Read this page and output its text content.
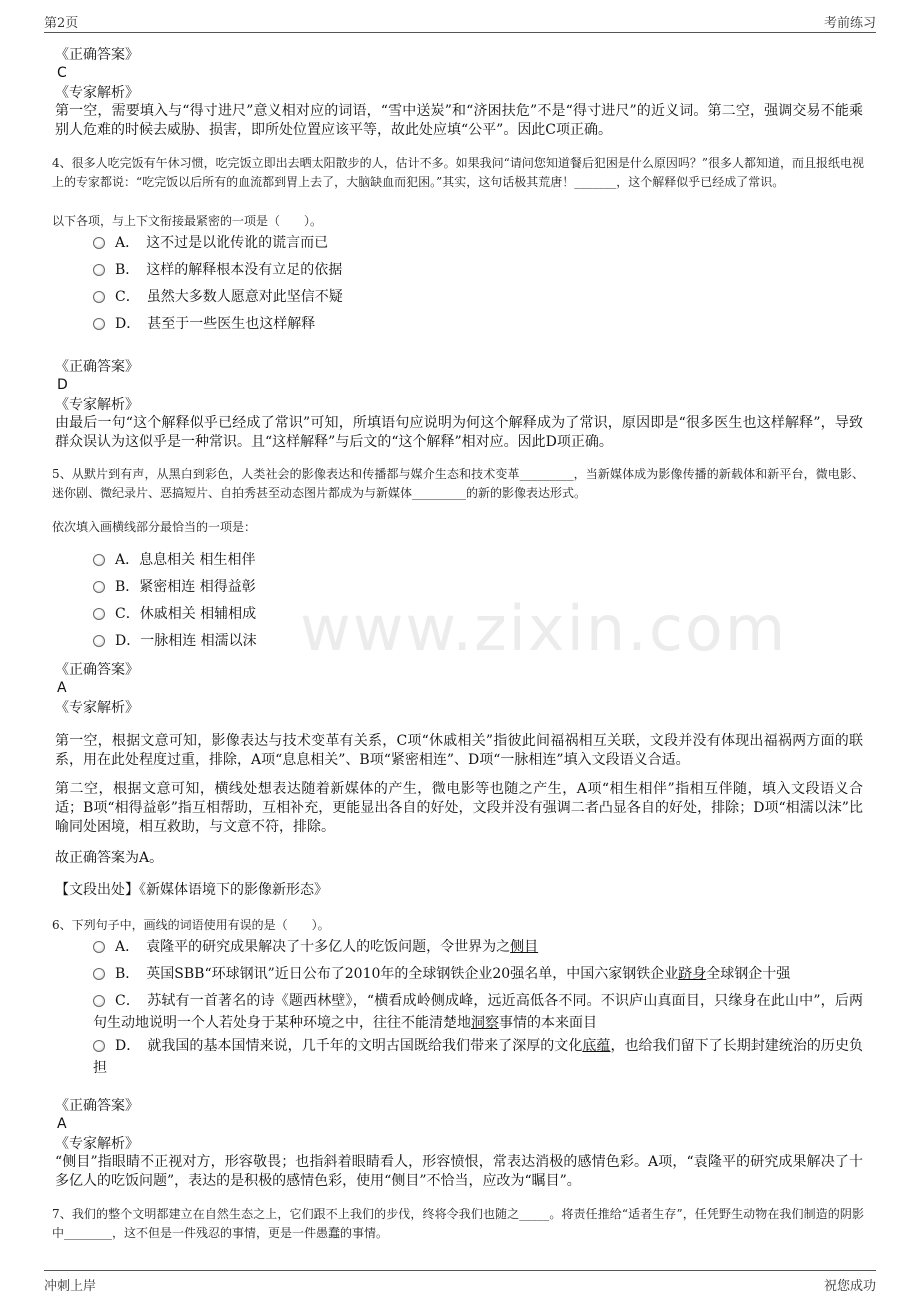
第2页	考前练习
www.zixin.com
《正确答案》
C
《专家解析》
第一空，需要填入与“得寸进尺”意义相对应的词语，“雪中送炭”和“济困扶危”不是“得寸进尺”的近义词。第二空，强调交易不能乘别人危难的时候去威胁、损害，即所处位置应该平等，故此处应填“公平”。因此C项正确。
4、很多人吃完饭有午休习惯，吃完饭立即出去晒太阳散步的人，估计不多。如果我问“请问您知道餐后犯困是什么原因吗？”很多人都知道，而且报纸电视上的专家都说：“吃完饭以后所有的血流都到胃上去了，大脑缺血而犯困。”其实，这句话极其荒唐！_______，这个解释似乎已经成了常识。
以下各项，与上下文衔接最紧密的一项是（　　）。
A．　这不过是以讹传讹的谎言而已
B．　这样的解释根本没有立足的依据
C．　虽然大多数人愿意对此坚信不疑
D．　甚至于一些医生也这样解释
《正确答案》
D
《专家解析》
由最后一句“这个解释似乎已经成了常识”可知，所填语句应说明为何这个解释成为了常识，原因即是“很多医生也这样解释”，导致群众误认为这似乎是一种常识。且“这样解释”与后文的“这个解释”相对应。因此D项正确。
5、从默片到有声，从黑白到彩色，人类社会的影像表达和传播都与媒介生态和技术变革_________，当新媒体成为影像传播的新载体和新平台，微电影、迷你剧、微纪录片、恶搞短片、自拍秀甚至动态图片都成为与新媒体_________的新的影像表达形式。
依次填入画横线部分最恰当的一项是：
A．息息相关 相生相伴
B．紧密相连 相得益彰
C．休戚相关 相辅相成
D．一脉相连 相濡以沫
《正确答案》
A
《专家解析》
第一空，根据文意可知，影像表达与技术变革有关系，C项“休戚相关”指彼此间福祸相互关联，文段并没有体现出福祸两方面的联系，用在此处程度过重，排除，A项“息息相关”、B项“紧密相连”、D项“一脉相连”填入文段语义合适。
第二空，根据文意可知，横线处想表达随着新媒体的产生，微电影等也随之产生，A项“相生相伴”指相互伴随，填入文段语义合适；B项“相得益彰”指互相帮助，互相补充，更能显出各自的好处，文段并没有强调二者凸显各自的好处，排除；D项“相濡以沫”比喻同处困境，相互救助，与文意不符，排除。
故正确答案为A。
【文段出处】《新媒体语境下的影像新形态》
6、下列句子中，画线的词语使用有误的是（　　）。
A．　袁隆平的研究成果解决了十多亿人的吃饭问题，令世界为之侧目
B．　英国SBB“环球钢讯”近日公布了2010年的全球钢铁企业20强名单，中国六家钢铁企业跻身全球钢企十强
C．　苏轼有一首著名的诗《题西林壁》，“横看成岭侧成峰，远近高低各不同。不识庐山真面目，只缘身在此山中”，后两句生动地说明一个人若处身于某种环境之中，往往不能清楚地洞察事情的本来面目
D．　就我国的基本国情来说，几千年的文明古国既给我们带来了深厚的文化底蕴，也给我们留下了长期封建统治的历史负担
《正确答案》
A
《专家解析》
“侧目”指眼睛不正视对方，形容敬畏；也指斜着眼睛看人，形容愤恨，常表达消极的感情色彩。A项，“袁隆平的研究成果解决了十多亿人的吃饭问题”，表达的是积极的感情色彩，使用“侧目”不恰当，应改为“瞩目”。
7、我们的整个文明都建立在自然生态之上，它们跟不上我们的步伐，终将令我们也随之_____。将责任推给“适者生存”，任凭野生动物在我们制造的阴影中________，这不但是一件残忍的事情，更是一件愚蠢的事情。
冲刺上岸	祝您成功
